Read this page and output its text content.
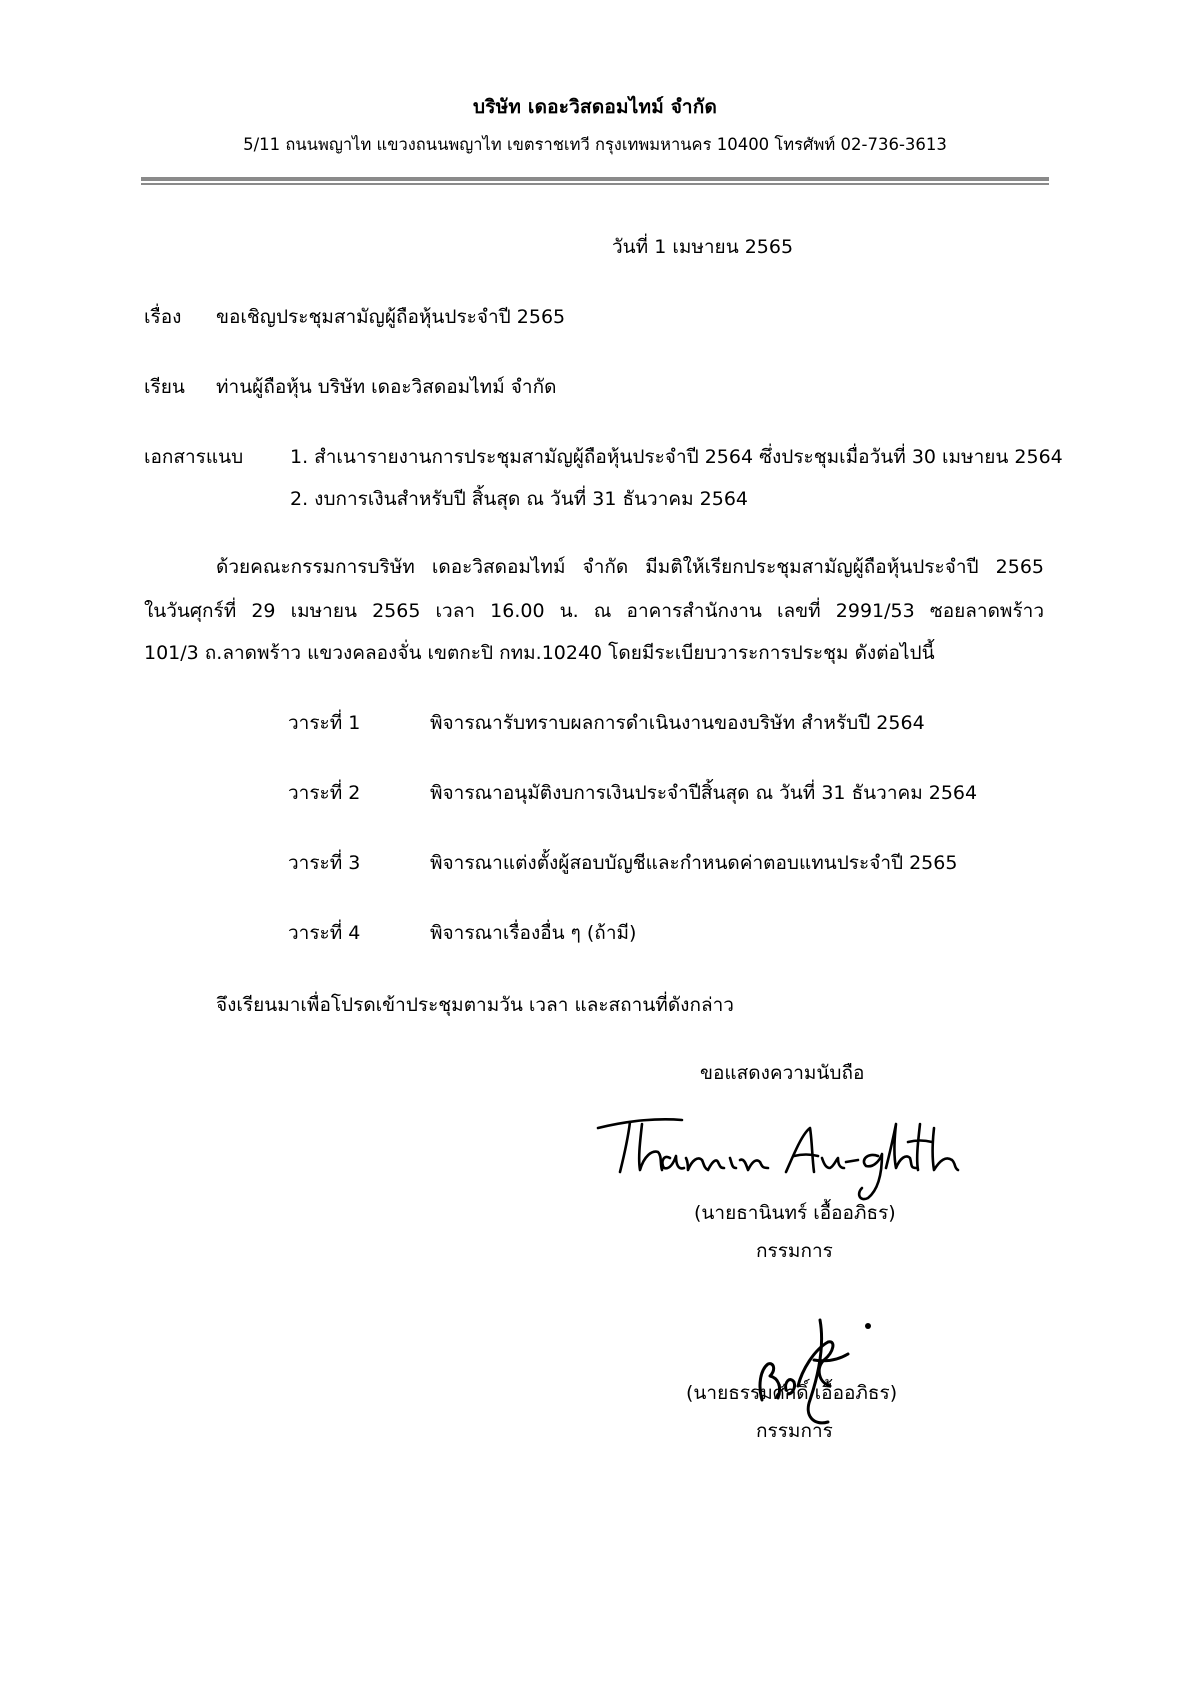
บริษัท เดอะวิสดอมไทม์ จำกัด
5/11 ถนนพญาไท แขวงถนนพญาไท เขตราชเทวี กรุงเทพมหานคร 10400 โทรศัพท์ 02-736-3613
วันที่ 1 เมษายน 2565
เรื่อง ขอเชิญประชุมสามัญผู้ถือหุ้นประจำปี 2565
เรียน ท่านผู้ถือหุ้น บริษัท เดอะวิสดอมไทม์ จำกัด
เอกสารแนบ 1. สำเนารายงานการประชุมสามัญผู้ถือหุ้นประจำปี 2564 ซึ่งประชุมเมื่อวันที่ 30 เมษายน 2564
2. งบการเงินสำหรับปี สิ้นสุด ณ วันที่ 31 ธันวาคม 2564
ด้วยคณะกรรมการบริษัท เดอะวิสดอมไทม์ จำกัด มีมติให้เรียกประชุมสามัญผู้ถือหุ้นประจำปี 2565
ในวันศุกร์ที่ 29 เมษายน 2565 เวลา 16.00 น. ณ อาคารสำนักงาน เลขที่ 2991/53 ซอยลาดพร้าว
101/3 ถ.ลาดพร้าว แขวงคลองจั่น เขตกะปิ กทม.10240 โดยมีระเบียบวาระการประชุม ดังต่อไปนี้
วาระที่ 1	พิจารณารับทราบผลการดำเนินงานของบริษัท สำหรับปี 2564
วาระที่ 2	พิจารณาอนุมัติงบการเงินประจำปีสิ้นสุด ณ วันที่ 31 ธันวาคม 2564
วาระที่ 3	พิจารณาแต่งตั้งผู้สอบบัญชีและกำหนดค่าตอบแทนประจำปี 2565
วาระที่ 4	พิจารณาเรื่องอื่น ๆ (ถ้ามี)
จึงเรียนมาเพื่อโปรดเข้าประชุมตามวัน เวลา และสถานที่ดังกล่าว
ขอแสดงความนับถือ
(นายธานินทร์ เอื้ออภิธร)
กรรมการ
(นายธรรมศักดิ์ เอื้ออภิธร)
กรรมการ
